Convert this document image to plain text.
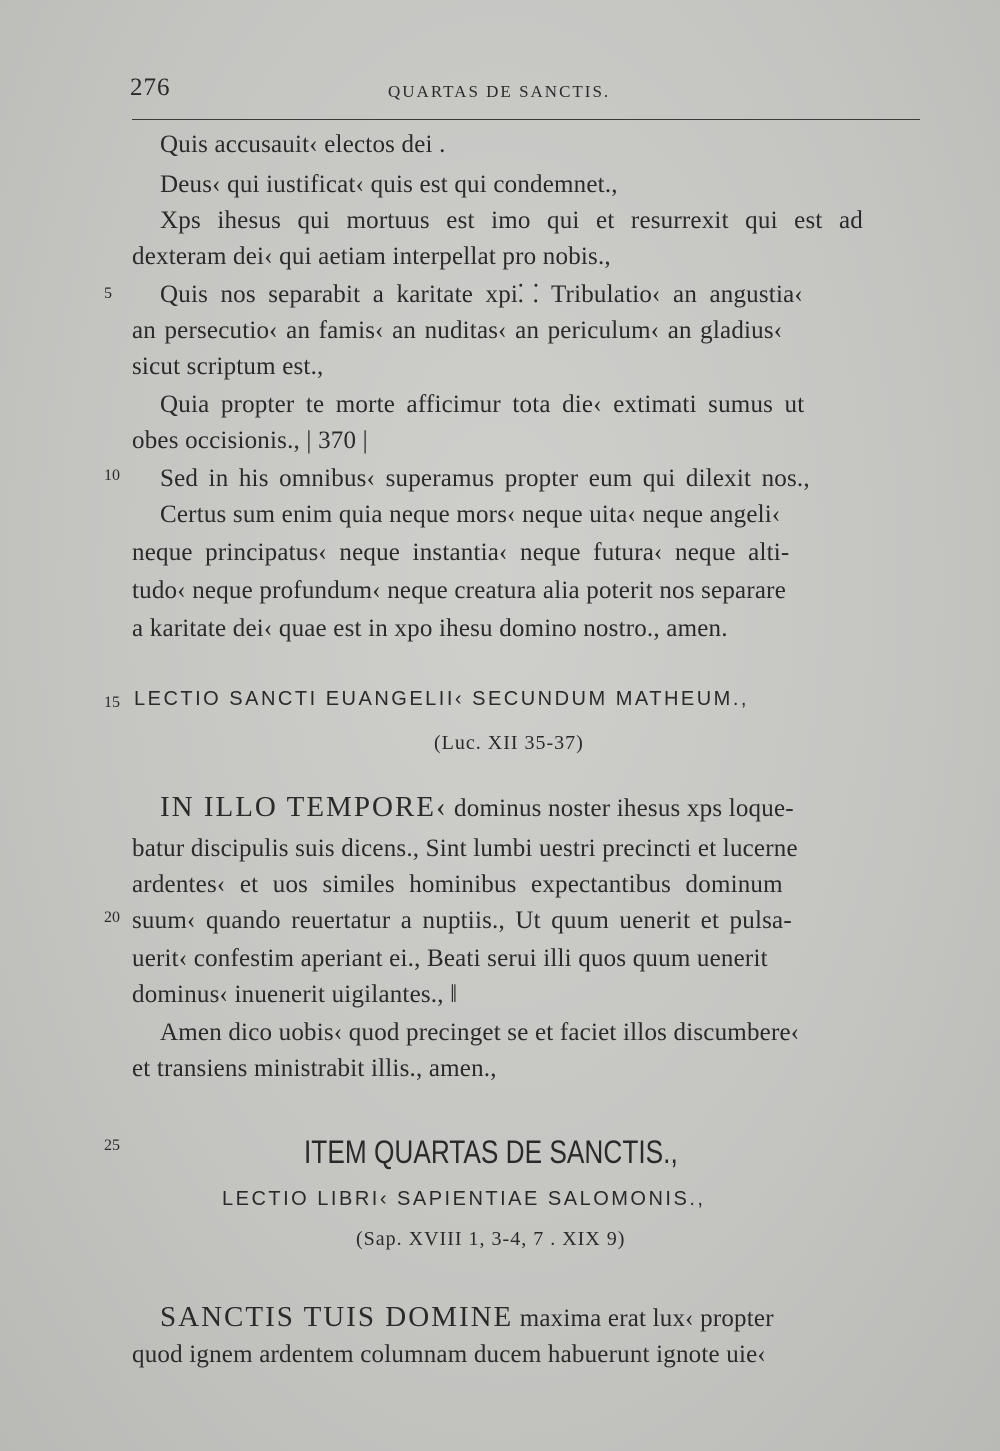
276	QUARTAS DE SANCTIS.
Quis accusauit‹ electos dei .
Deus‹ qui iustificat‹ quis est qui condemnet.,
Xps ihesus qui mortuus est imo qui et resurrexit qui est ad
dexteram dei‹ qui aetiam interpellat pro nobis.,
5 Quis nos separabit a karitate xpi⸬ Tribulatio‹ an angustia‹
an persecutio‹ an famis‹ an nuditas‹ an periculum‹ an gladius‹
sicut scriptum est.,
Quia propter te morte afficimur tota die‹ extimati sumus ut
obes occisionis., | 370 |
10 Sed in his omnibus‹ superamus propter eum qui dilexit nos.,
Certus sum enim quia neque mors‹ neque uita‹ neque angeli‹
neque principatus‹ neque instantia‹ neque futura‹ neque alti-
tudo‹ neque profundum‹ neque creatura alia poterit nos separare
a karitate dei‹ quae est in xpo ihesu domino nostro., amen.
15 LECTIO SANCTI EUANGELII‹ SECUNDUM MATHEUM.,
(Luc. XII 35-37)
IN ILLO TEMPORE‹ dominus noster ihesus xps loque-
batur discipulis suis dicens., Sint lumbi uestri precincti et lucerne
ardentes‹ et uos similes hominibus expectantibus dominum
20 suum‹ quando reuertatur a nuptiis., Ut quum uenerit et pulsa-
uerit‹ confestim aperiant ei., Beati serui illi quos quum uenerit
dominus‹ inuenerit uigilantes., ‖
Amen dico uobis‹ quod precinget se et faciet illos discumbere‹
et transiens ministrabit illis., amen.,
25	ITEM QUARTAS DE SANCTIS.,
LECTIO LIBRI‹ SAPIENTIAE SALOMONIS.,
(Sap. XVIII 1, 3-4, 7 . XIX 9)
SANCTIS TUIS DOMINE maxima erat lux‹ propter
quod ignem ardentem columnam ducem habuerunt ignote uie‹
